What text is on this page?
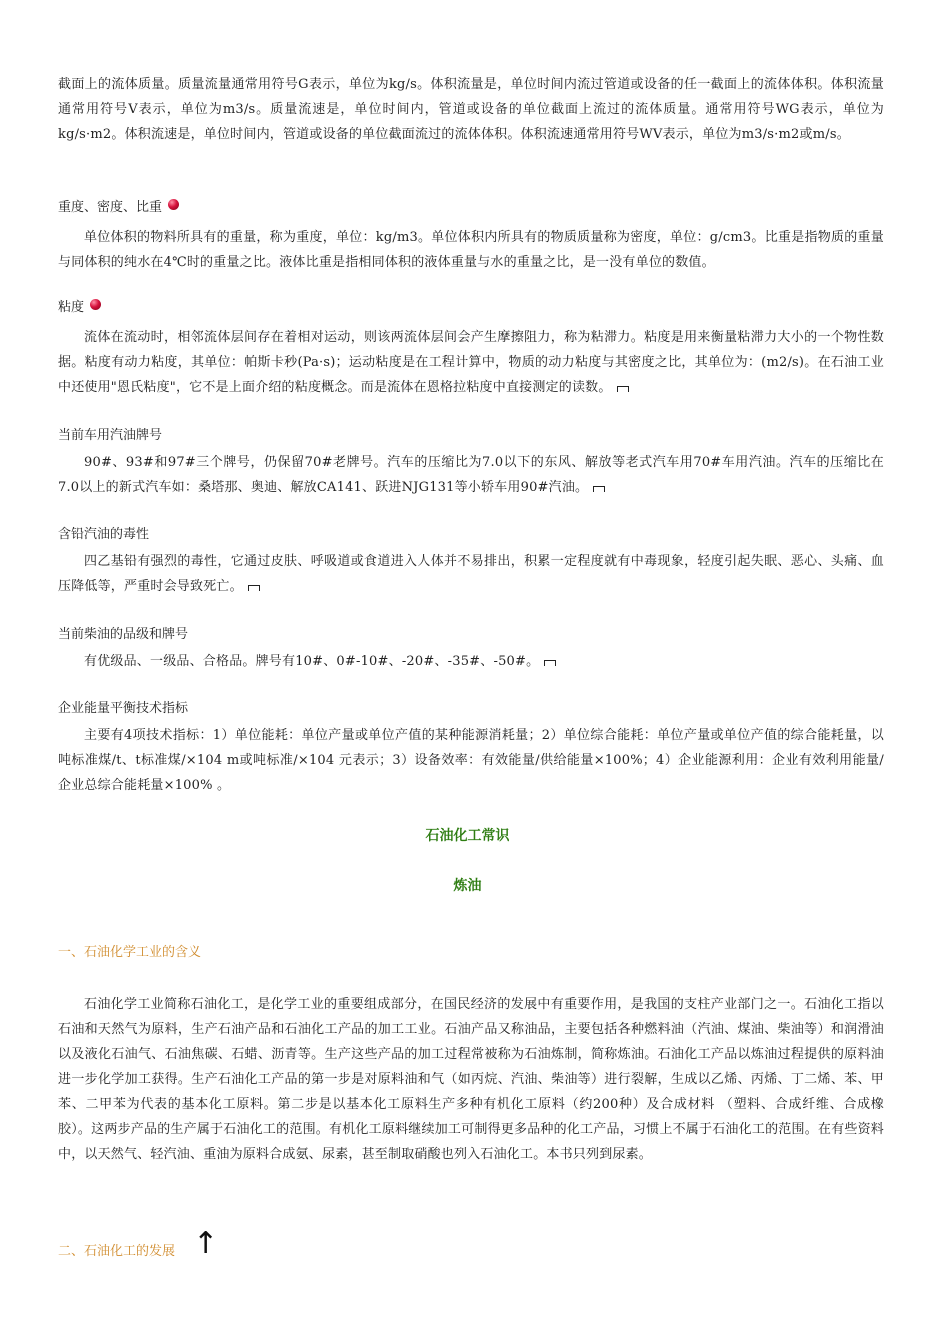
截面上的流体质量。质量流量通常用符号G表示，单位为kg/s。体积流量是，单位时间内流过管道或设备的任一截面上的流体体积。体积流量通常用符号V表示，单位为m3/s。质量流速是，单位时间内，管道或设备的单位截面上流过的流体质量。通常用符号WG表示，单位为kg/s·m2。体积流速是，单位时间内，管道或设备的单位截面流过的流体体积。体积流速通常用符号WV表示，单位为m3/s·m2或m/s。

重度、密度、比重

单位体积的物料所具有的重量，称为重度，单位：kg/m3。单位体积内所具有的物质质量称为密度，单位：g/cm3。比重是指物质的重量与同体积的纯水在4℃时的重量之比。液体比重是指相同体积的液体重量与水的重量之比，是一没有单位的数值。

粘度

流体在流动时，相邻流体层间存在着相对运动，则该两流体层间会产生摩擦阻力，称为粘滞力。粘度是用来衡量粘滞力大小的一个物性数据。粘度有动力粘度，其单位：帕斯卡秒(Pa·s)；运动粘度是在工程计算中，物质的动力粘度与其密度之比，其单位为：(m2/s)。在石油工业中还使用"恩氏粘度"，它不是上面介绍的粘度概念。而是流体在恩格拉粘度中直接测定的读数。

当前车用汽油牌号

90#、93#和97#三个牌号，仍保留70#老牌号。汽车的压缩比为7.0以下的东风、解放等老式汽车用70#车用汽油。汽车的压缩比在7.0以上的新式汽车如：桑塔那、奥迪、解放CA141、跃进NJG131等小轿车用90#汽油。

含铅汽油的毒性

四乙基铅有强烈的毒性，它通过皮肤、呼吸道或食道进入人体并不易排出，积累一定程度就有中毒现象，轻度引起失眠、恶心、头痛、血压降低等，严重时会导致死亡。

当前柴油的品级和牌号

有优级品、一级品、合格品。牌号有10#、0#-10#、-20#、-35#、-50#。

企业能量平衡技术指标

主要有4项技术指标：1）单位能耗：单位产量或单位产值的某种能源消耗量；2）单位综合能耗：单位产量或单位产值的综合能耗量，以吨标准煤/t、t标准煤/×104 m或吨标准/×104 元表示；3）设备效率：有效能量/供给能量×100%；4）企业能源利用：企业有效利用能量/企业总综合能耗量×100% 。

石油化工常识
炼油
一、石油化学工业的含义

石油化学工业简称石油化工，是化学工业的重要组成部分，在国民经济的发展中有重要作用，是我国的支柱产业部门之一。石油化工指以石油和天然气为原料，生产石油产品和石油化工产品的加工工业。石油产品又称油品，主要包括各种燃料油（汽油、煤油、柴油等）和润滑油以及液化石油气、石油焦碳、石蜡、沥青等。生产这些产品的加工过程常被称为石油炼制，简称炼油。石油化工产品以炼油过程提供的原料油进一步化学加工获得。生产石油化工产品的第一步是对原料油和气（如丙烷、汽油、柴油等）进行裂解，生成以乙烯、丙烯、丁二烯、苯、甲苯、二甲苯为代表的基本化工原料。第二步是以基本化工原料生产多种有机化工原料（约200种）及合成材料 （塑料、合成纤维、合成橡胶）。这两步产品的生产属于石油化工的范围。有机化工原料继续加工可制得更多品种的化工产品，习惯上不属于石油化工的范围。在有些资料中，以天然气、轻汽油、重油为原料合成氨、尿素，甚至制取硝酸也列入石油化工。本书只列到尿素。

二、石油化工的发展 ↑
